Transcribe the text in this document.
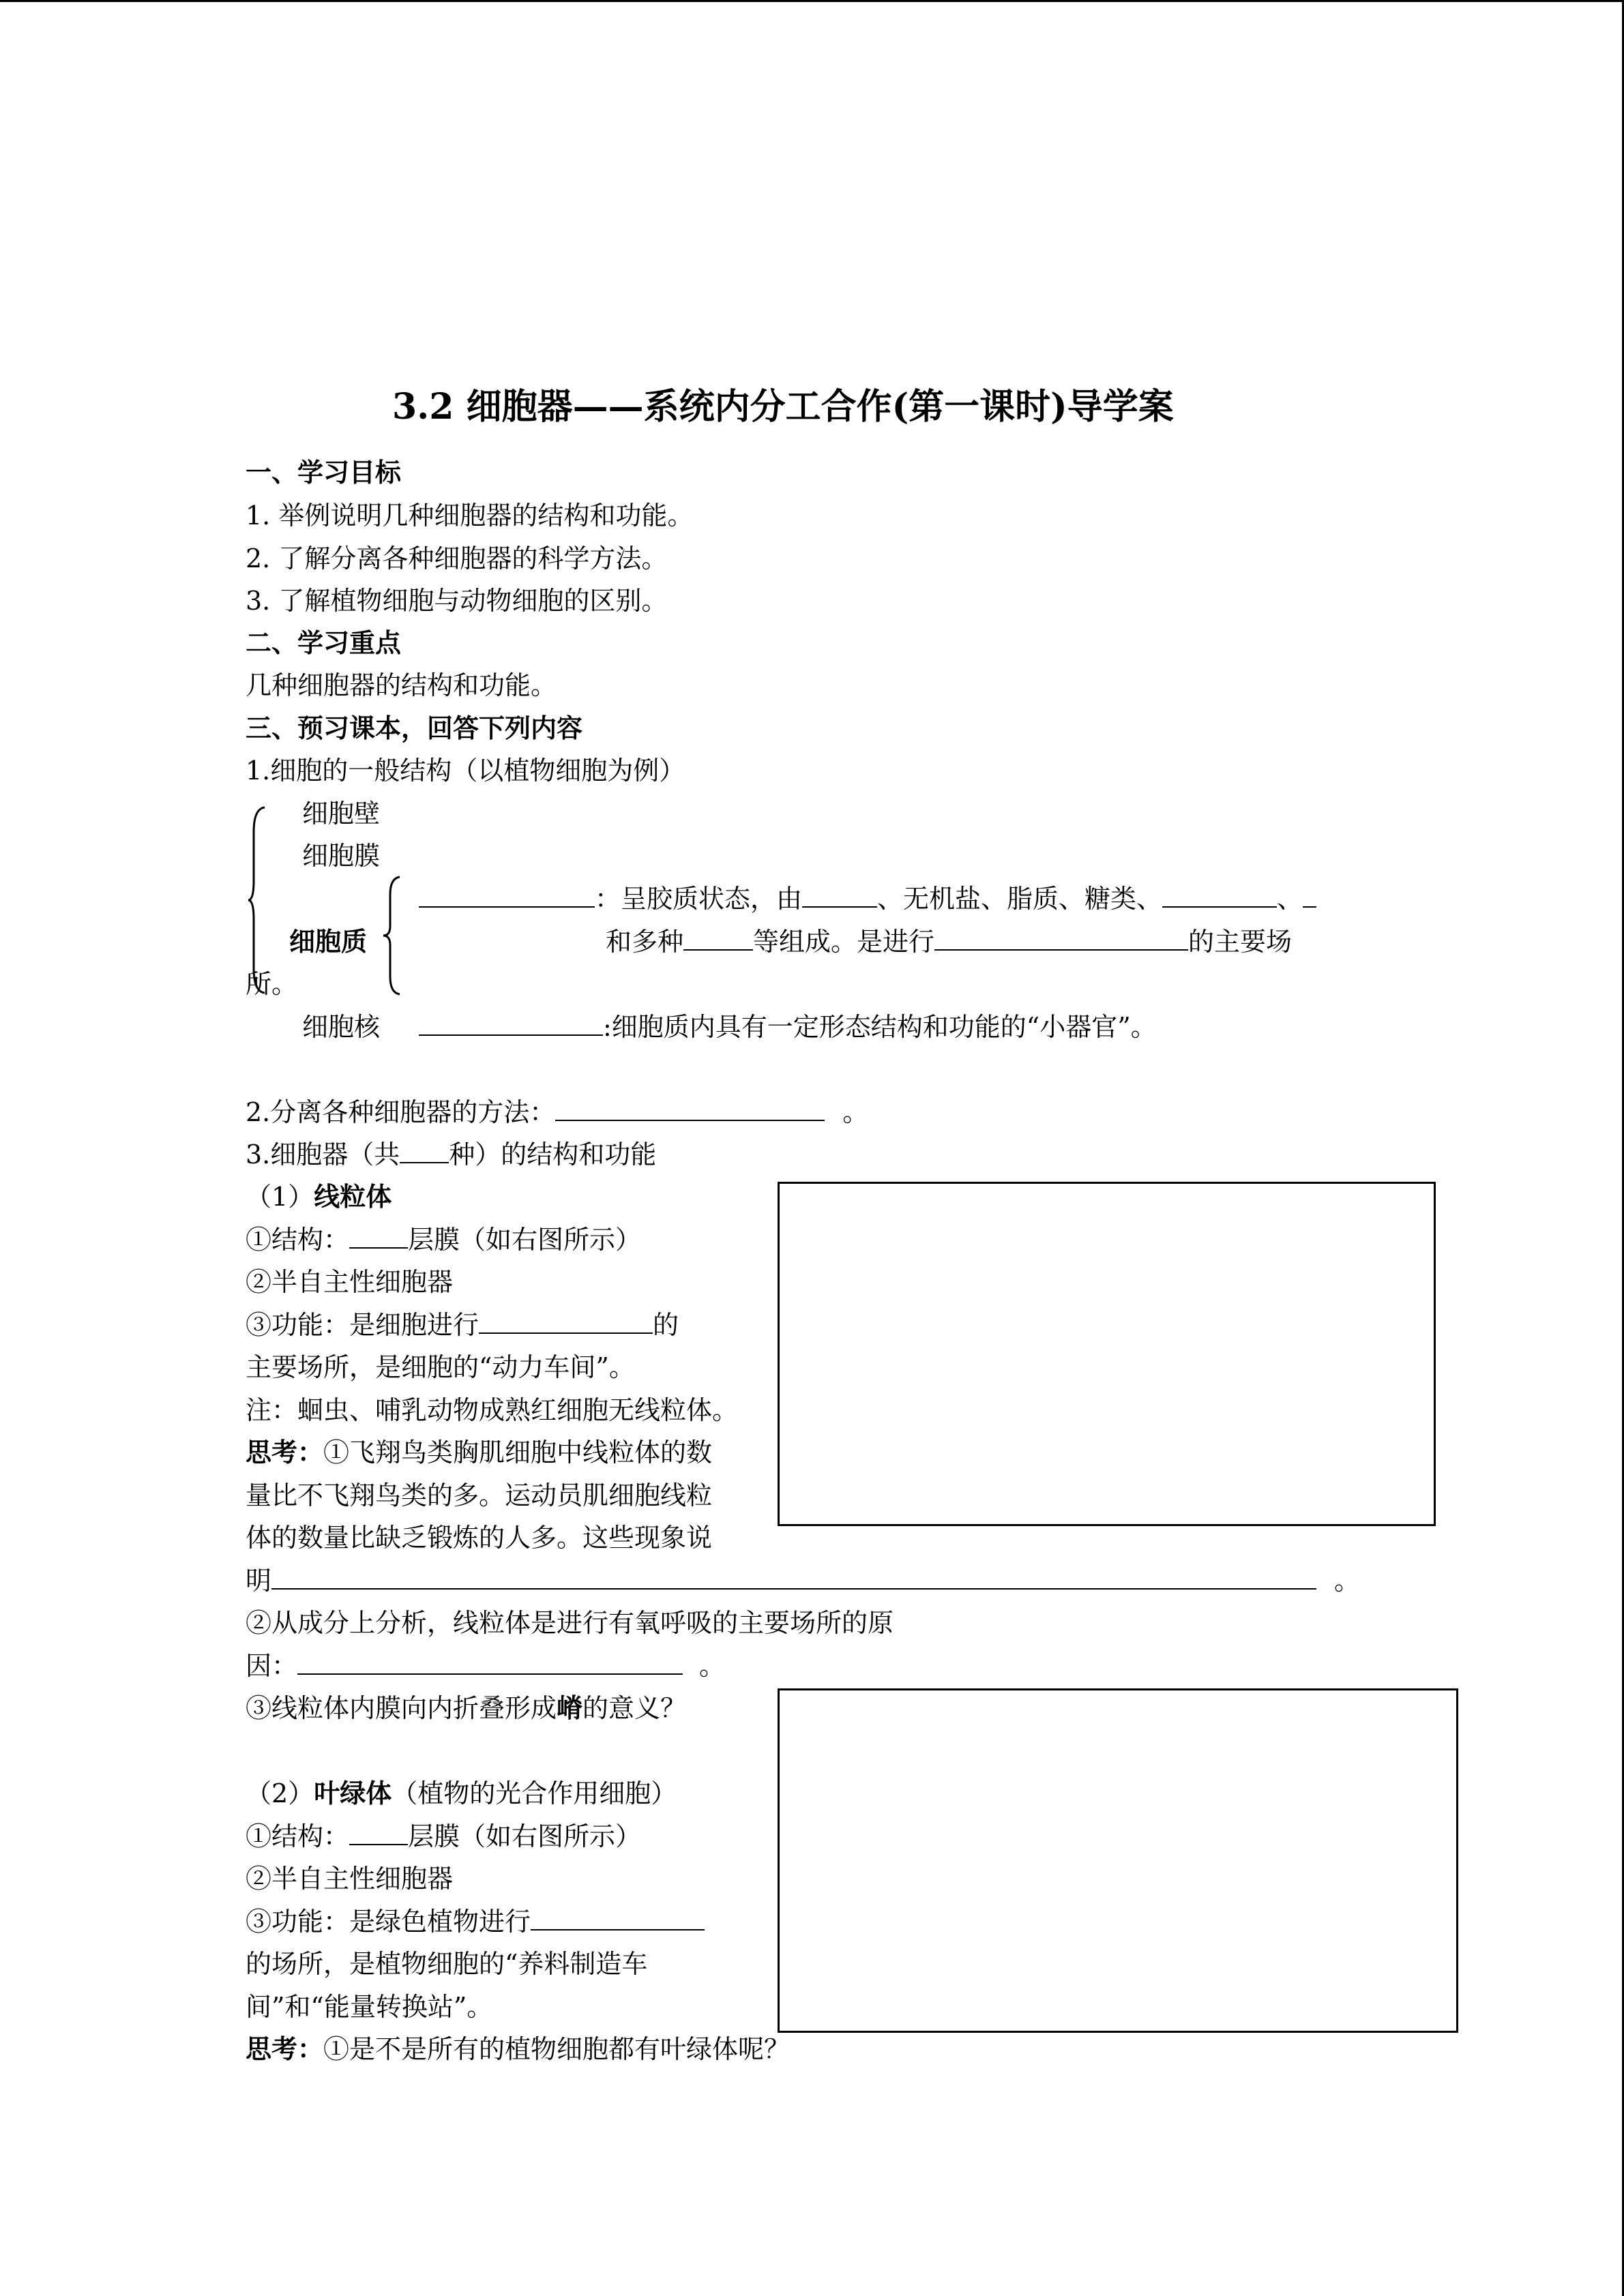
3.2 细胞器——系统内分工合作(第一课时)导学案
一、学习目标
1. 举例说明几种细胞器的结构和功能。
2. 了解分离各种细胞器的科学方法。
3. 了解植物细胞与动物细胞的区别。
二、学习重点
几种细胞器的结构和功能。
三、预习课本，回答下列内容
1.细胞的一般结构（以植物细胞为例）
细胞壁
细胞膜
细胞质
：呈胶质状态，由	、无机盐、脂质、糖类、	、
和多种	等组成。是进行	的主要场
所。
细胞核	:细胞质内具有一定形态结构和功能的“小器官”。
2.分离各种细胞器的方法：	。
3.细胞器（共 种）的结构和功能
（1）线粒体
①结构： 层膜（如右图所示）
②半自主性细胞器
③功能：是细胞进行	的
主要场所，是细胞的“动力车间”。
注：蛔虫、哺乳动物成熟红细胞无线粒体。
思考：①飞翔鸟类胸肌细胞中线粒体的数
量比不飞翔鸟类的多。运动员肌细胞线粒
体的数量比缺乏锻炼的人多。这些现象说
明	。
②从成分上分析，线粒体是进行有氧呼吸的主要场所的原
因：	。
③线粒体内膜向内折叠形成嵴的意义？
（2）叶绿体（植物的光合作用细胞）
①结构： 层膜（如右图所示）
②半自主性细胞器
③功能：是绿色植物进行
的场所，是植物细胞的“养料制造车
间”和“能量转换站”。
思考：①是不是所有的植物细胞都有叶绿体呢？
